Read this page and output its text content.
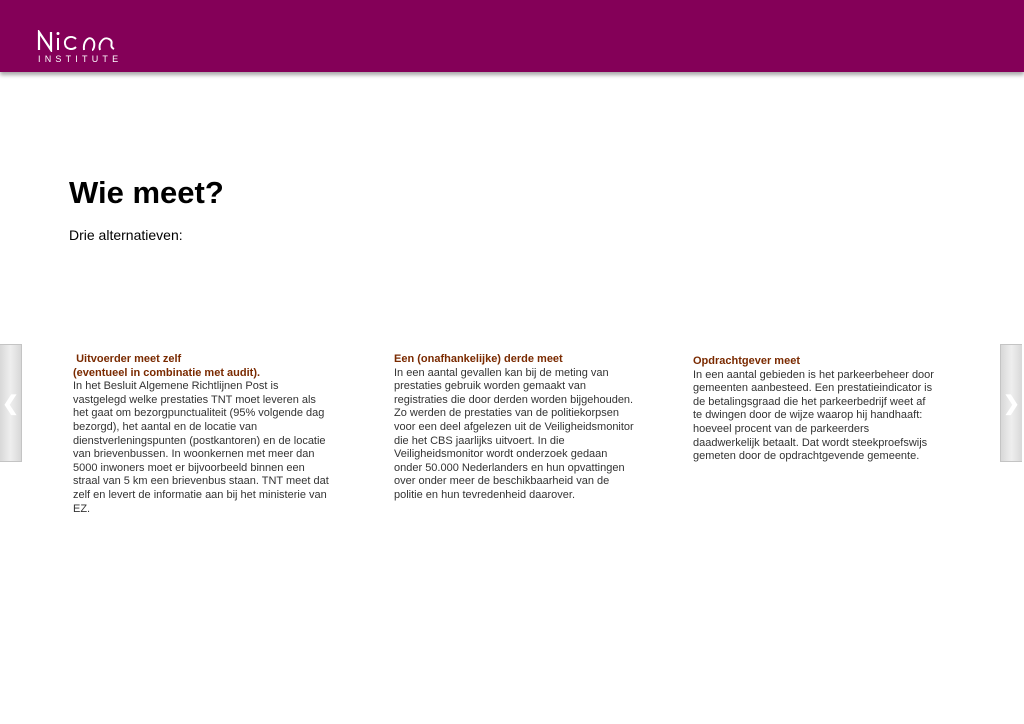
INSTITUTE
Wie meet?

Drie alternatieven:

Uitvoerder meet zelf
(eventueel in combinatie met audit).
In het Besluit Algemene Richtlijnen Post is vastgelegd welke prestaties TNT moet leveren als het gaat om bezorgpunctualiteit (95% volgende dag bezorgd), het aantal en de locatie van dienstverleningspunten (postkantoren) en de locatie van brievenbussen. In woonkernen met meer dan 5000 inwoners moet er bijvoorbeeld binnen een straal van 5 km een brievenbus staan. TNT meet dat zelf en levert de informatie aan bij het ministerie van EZ.
Een (onafhankelijke) derde meet
In een aantal gevallen kan bij de meting van prestaties gebruik worden gemaakt van registraties die door derden worden bijgehouden. Zo werden de prestaties van de politiekorpsen voor een deel afgelezen uit de Veiligheidsmonitor die het CBS jaarlijks uitvoert. In die Veiligheidsmonitor wordt onderzoek gedaan onder 50.000 Nederlanders en hun opvattingen over onder meer de beschikbaarheid van de politie en hun tevredenheid daarover.
Opdrachtgever meet
In een aantal gebieden is het parkeerbeheer door gemeenten aanbesteed. Een prestatieindicator is de betalingsgraad die het parkeerbedrijf weet af te dwingen door de wijze waarop hij handhaaft: hoeveel procent van de parkeerders daadwerkelijk betaalt. Dat wordt steekproefswijs gemeten door de opdrachtgevende gemeente.
❮	❯
